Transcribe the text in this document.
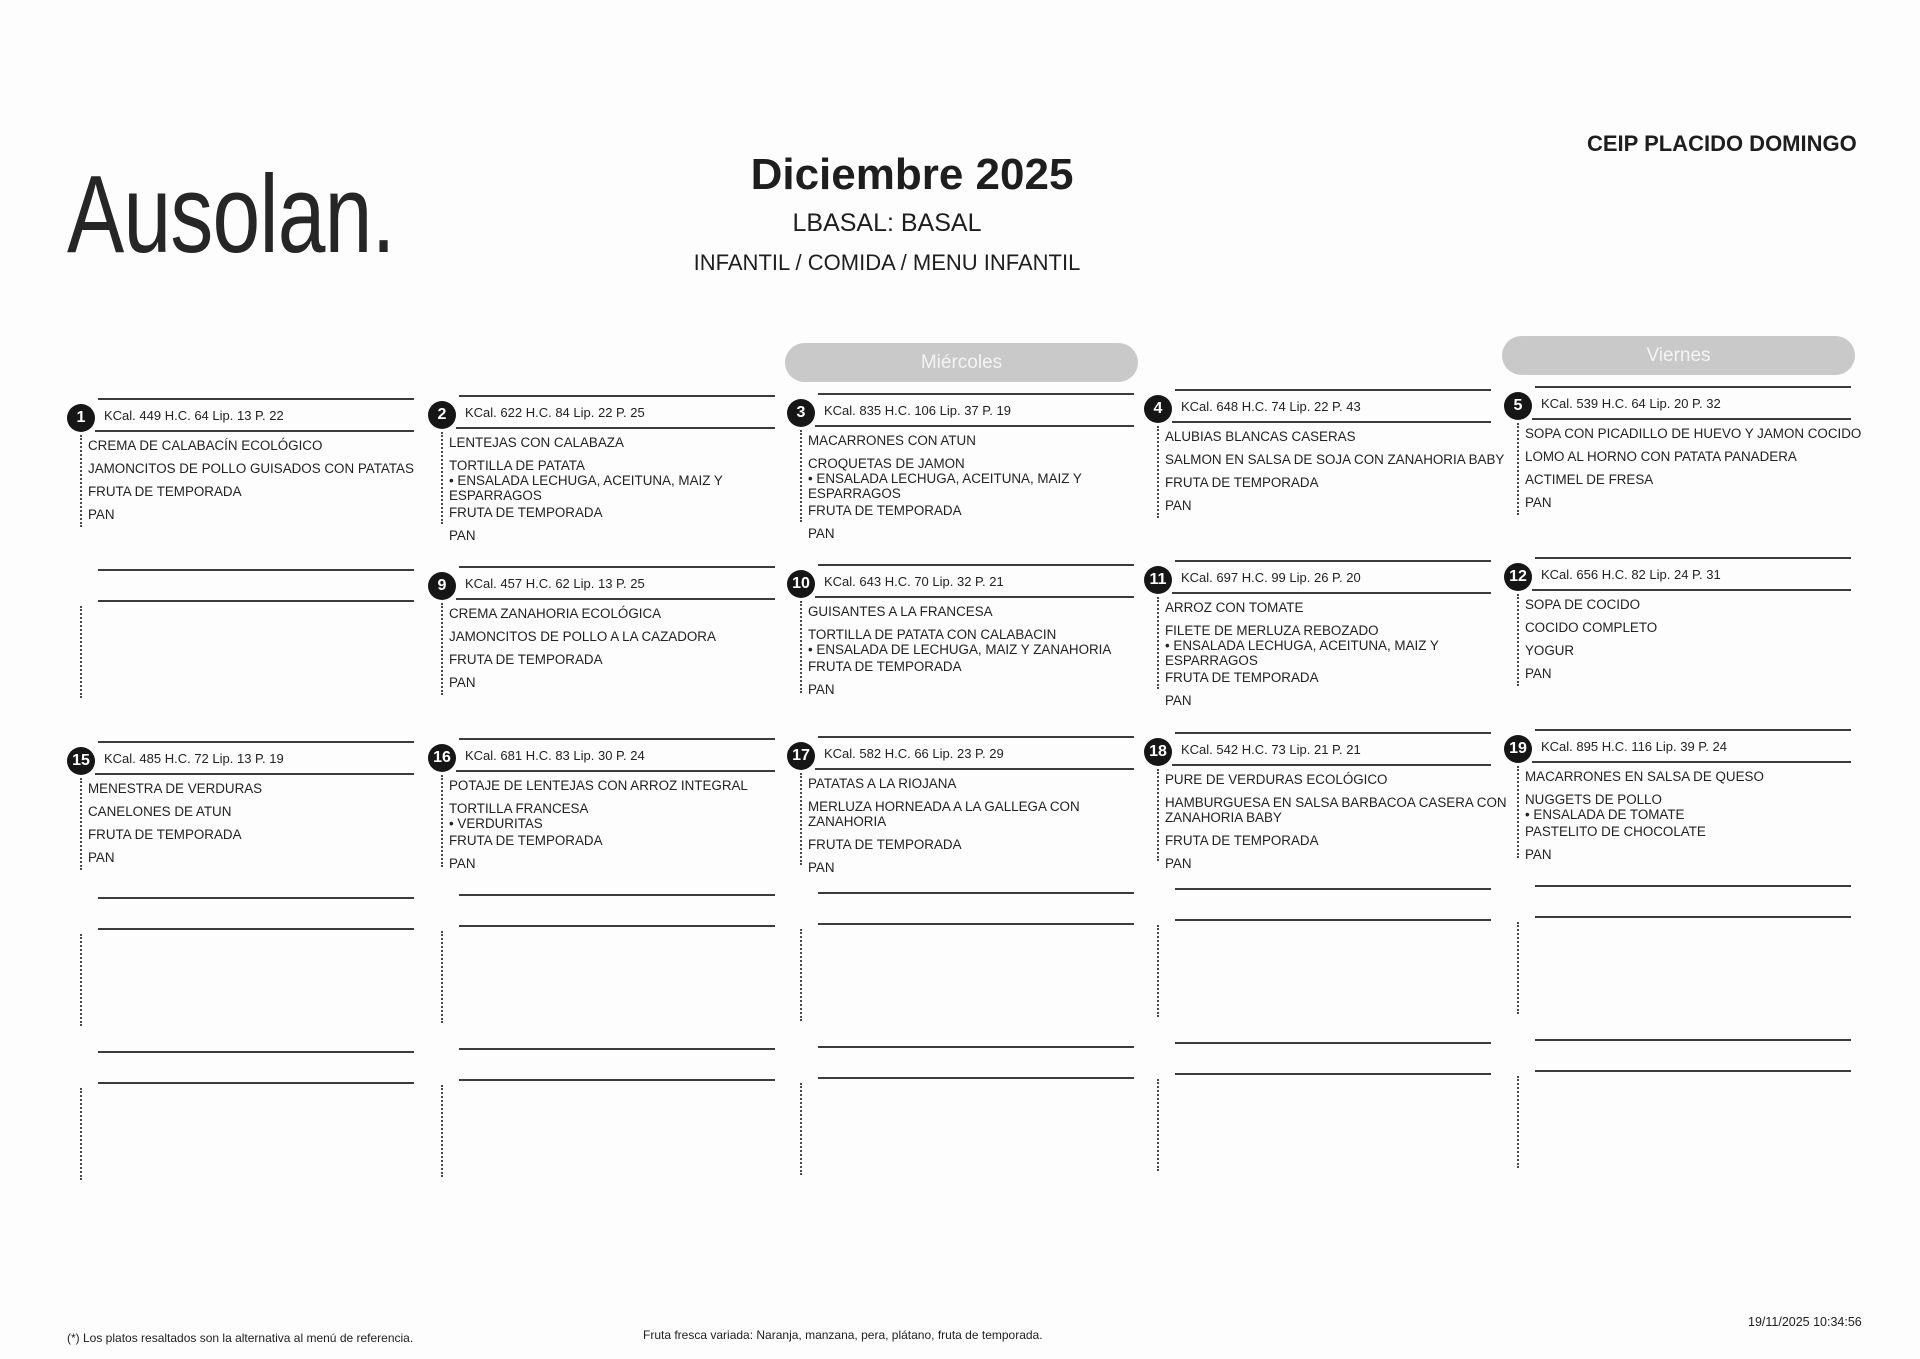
Ausolan.	Diciembre 2025
LBASAL: BASAL
INFANTIL / COMIDA / MENU INFANTIL
CEIP PLACIDO DOMINGO
Miércoles	Viernes
1	KCal. 449 H.C. 64 Lip. 13 P. 22
CREMA DE CALABACÍN ECOLÓGICO
JAMONCITOS DE POLLO GUISADOS CON PATATAS
FRUTA DE TEMPORADA
PAN
2	KCal. 622 H.C. 84 Lip. 22 P. 25
LENTEJAS CON CALABAZA
TORTILLA DE PATATA
• ENSALADA LECHUGA, ACEITUNA, MAIZ Y ESPARRAGOS
FRUTA DE TEMPORADA
PAN
3	KCal. 835 H.C. 106 Lip. 37 P. 19
MACARRONES CON ATUN
CROQUETAS DE JAMON
• ENSALADA LECHUGA, ACEITUNA, MAIZ Y ESPARRAGOS
FRUTA DE TEMPORADA
PAN
4	KCal. 648 H.C. 74 Lip. 22 P. 43
ALUBIAS BLANCAS CASERAS
SALMON EN SALSA DE SOJA CON ZANAHORIA BABY
FRUTA DE TEMPORADA
PAN
5	KCal. 539 H.C. 64 Lip. 20 P. 32
SOPA CON PICADILLO DE HUEVO Y JAMON COCIDO
LOMO AL HORNO CON PATATA PANADERA
ACTIMEL DE FRESA
PAN
9	KCal. 457 H.C. 62 Lip. 13 P. 25
CREMA ZANAHORIA ECOLÓGICA
JAMONCITOS DE POLLO A LA CAZADORA
FRUTA DE TEMPORADA
PAN
10	KCal. 643 H.C. 70 Lip. 32 P. 21
GUISANTES A LA FRANCESA
TORTILLA DE PATATA CON CALABACIN
• ENSALADA DE LECHUGA, MAIZ Y ZANAHORIA
FRUTA DE TEMPORADA
PAN
11	KCal. 697 H.C. 99 Lip. 26 P. 20
ARROZ CON TOMATE
FILETE DE MERLUZA REBOZADO
• ENSALADA LECHUGA, ACEITUNA, MAIZ Y ESPARRAGOS
FRUTA DE TEMPORADA
PAN
12	KCal. 656 H.C. 82 Lip. 24 P. 31
SOPA DE COCIDO
COCIDO COMPLETO
YOGUR
PAN
15	KCal. 485 H.C. 72 Lip. 13 P. 19
MENESTRA DE VERDURAS
CANELONES DE ATUN
FRUTA DE TEMPORADA
PAN
16	KCal. 681 H.C. 83 Lip. 30 P. 24
POTAJE DE LENTEJAS CON ARROZ INTEGRAL
TORTILLA FRANCESA
• VERDURITAS
FRUTA DE TEMPORADA
PAN
17	KCal. 582 H.C. 66 Lip. 23 P. 29
PATATAS A LA RIOJANA
MERLUZA HORNEADA A LA GALLEGA CON ZANAHORIA
FRUTA DE TEMPORADA
PAN
18	KCal. 542 H.C. 73 Lip. 21 P. 21
PURE DE VERDURAS ECOLÓGICO
HAMBURGUESA EN SALSA BARBACOA CASERA CON ZANAHORIA BABY
FRUTA DE TEMPORADA
PAN
19	KCal. 895 H.C. 116 Lip. 39 P. 24
MACARRONES EN SALSA DE QUESO
NUGGETS DE POLLO
• ENSALADA DE TOMATE
PASTELITO DE CHOCOLATE
PAN
(*) Los platos resaltados son la alternativa al menú de referencia.	Fruta fresca variada: Naranja, manzana, pera, plátano, fruta de temporada.
19/11/2025 10:34:56
